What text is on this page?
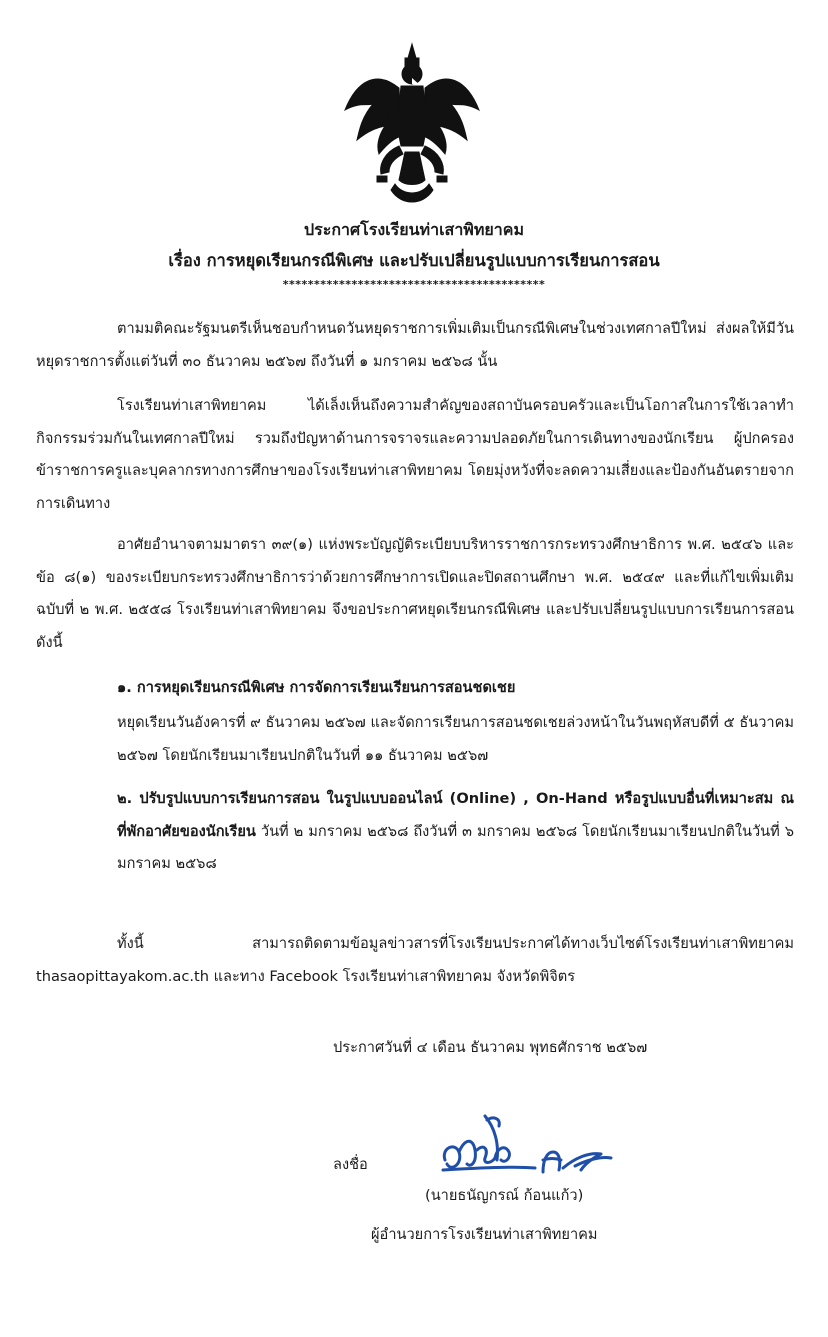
ประกาศโรงเรียนท่าเสาพิทยาคม
เรื่อง การหยุดเรียนกรณีพิเศษ และปรับเปลี่ยนรูปแบบการเรียนการสอน
******************************************
ตามมติคณะรัฐมนตรีเห็นชอบกำหนดวันหยุดราชการเพิ่มเติมเป็นกรณีพิเศษในช่วงเทศกาลปีใหม่ ส่งผลให้มีวันหยุดราชการตั้งแต่วันที่ ๓๐ ธันวาคม ๒๕๖๗ ถึงวันที่ ๑ มกราคม ๒๕๖๘ นั้น
โรงเรียนท่าเสาพิทยาคม ได้เล็งเห็นถึงความสำคัญของสถาบันครอบครัวและเป็นโอกาสในการใช้เวลาทำกิจกรรมร่วมกันในเทศกาลปีใหม่ รวมถึงปัญหาด้านการจราจรและความปลอดภัยในการเดินทางของนักเรียน ผู้ปกครอง ข้าราชการครูและบุคลากรทางการศึกษาของโรงเรียนท่าเสาพิทยาคม โดยมุ่งหวังที่จะลดความเสี่ยงและป้องกันอันตรายจากการเดินทาง
อาศัยอำนาจตามมาตรา ๓๙(๑) แห่งพระบัญญัติระเบียบบริหารราชการกระทรวงศึกษาธิการ พ.ศ. ๒๕๔๖ และ ข้อ ๘(๑) ของระเบียบกระทรวงศึกษาธิการว่าด้วยการศึกษาการเปิดและปิดสถานศึกษา พ.ศ. ๒๕๔๙ และที่แก้ไขเพิ่มเติมฉบับที่ ๒ พ.ศ. ๒๕๕๘ โรงเรียนท่าเสาพิทยาคม จึงขอประกาศหยุดเรียนกรณีพิเศษ และปรับเปลี่ยนรูปแบบการเรียนการสอน ดังนี้
๑. การหยุดเรียนกรณีพิเศษ การจัดการเรียนเรียนการสอนชดเชย
หยุดเรียนวันอังคารที่ ๙ ธันวาคม ๒๕๖๗ และจัดการเรียนการสอนชดเชยล่วงหน้าในวันพฤหัสบดีที่ ๕ ธันวาคม ๒๕๖๗ โดยนักเรียนมาเรียนปกติในวันที่ ๑๑ ธันวาคม ๒๕๖๗
๒. ปรับรูปแบบการเรียนการสอน ในรูปแบบออนไลน์ (Online) , On-Hand หรือรูปแบบอื่นที่เหมาะสม ณ ที่พักอาศัยของนักเรียน วันที่ ๒ มกราคม ๒๕๖๘ ถึงวันที่ ๓ มกราคม ๒๕๖๘ โดยนักเรียนมาเรียนปกติในวันที่ ๖ มกราคม ๒๕๖๘
ทั้งนี้ สามารถติดตามข้อมูลข่าวสารที่โรงเรียนประกาศได้ทางเว็บไซต์โรงเรียนท่าเสาพิทยาคม thasaopittayakom.ac.th และทาง Facebook โรงเรียนท่าเสาพิทยาคม จังหวัดพิจิตร
ประกาศวันที่ ๔ เดือน ธันวาคม พุทธศักราช ๒๕๖๗
ลงชื่อ
(นายธนัญกรณ์ ก้อนแก้ว)
ผู้อำนวยการโรงเรียนท่าเสาพิทยาคม
